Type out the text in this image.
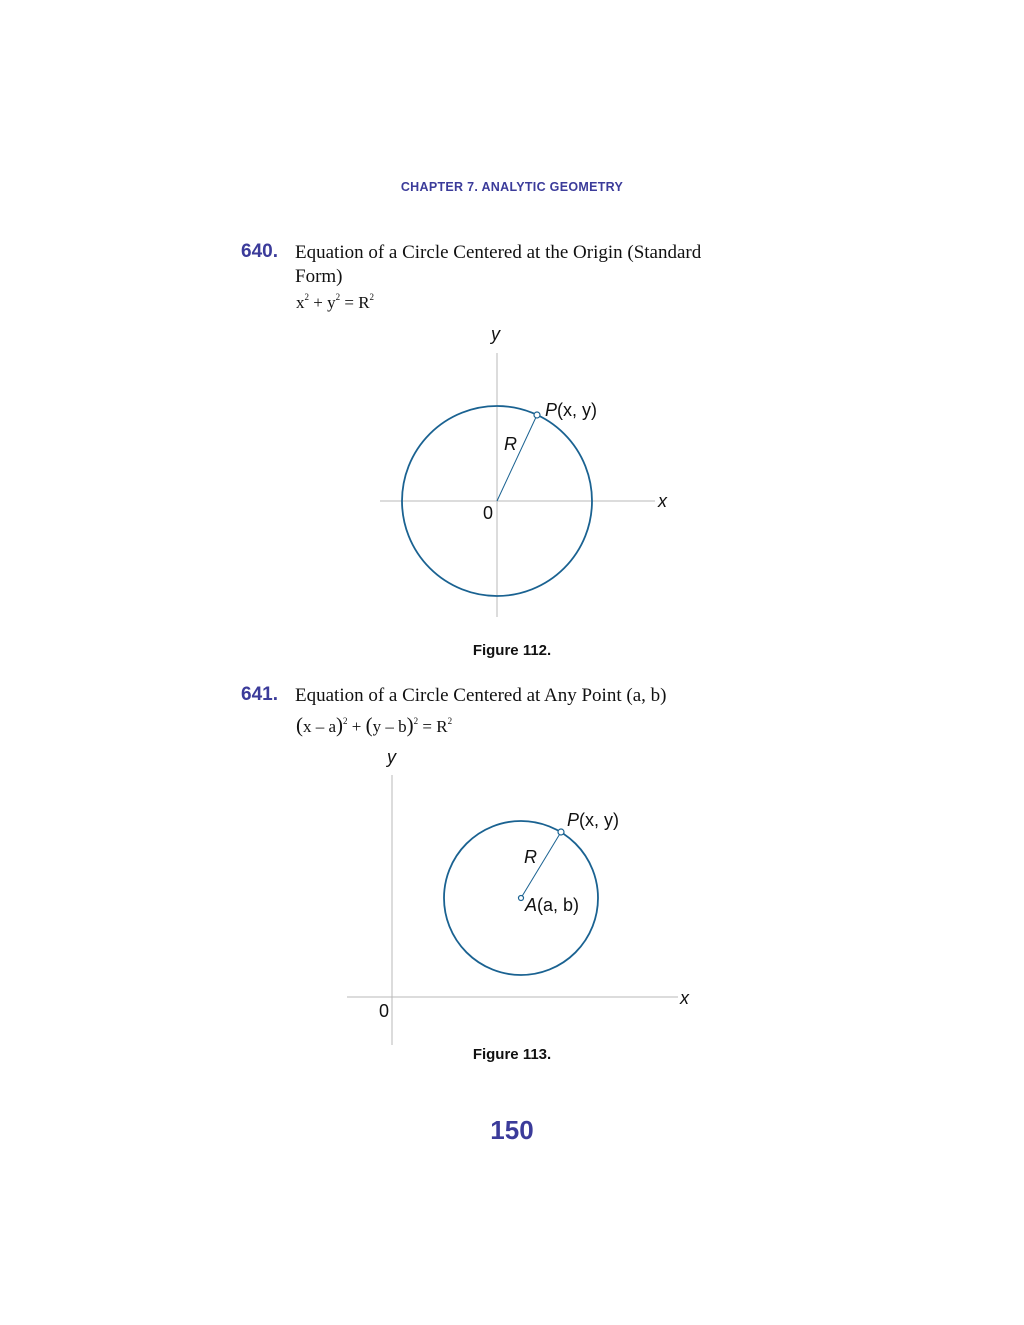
CHAPTER 7. ANALYTIC GEOMETRY
640. Equation of a Circle Centered at the Origin (Standard Form)
$x^2 + y^2 = R^2$
y
x
0
R
P(x, y)
Figure 112.
641. Equation of a Circle Centered at Any Point (a, b)
$(x - a)^2 + (y - b)^2 = R^2$
y
x
0
R
P(x, y)
A(a, b)
Figure 113.
150
